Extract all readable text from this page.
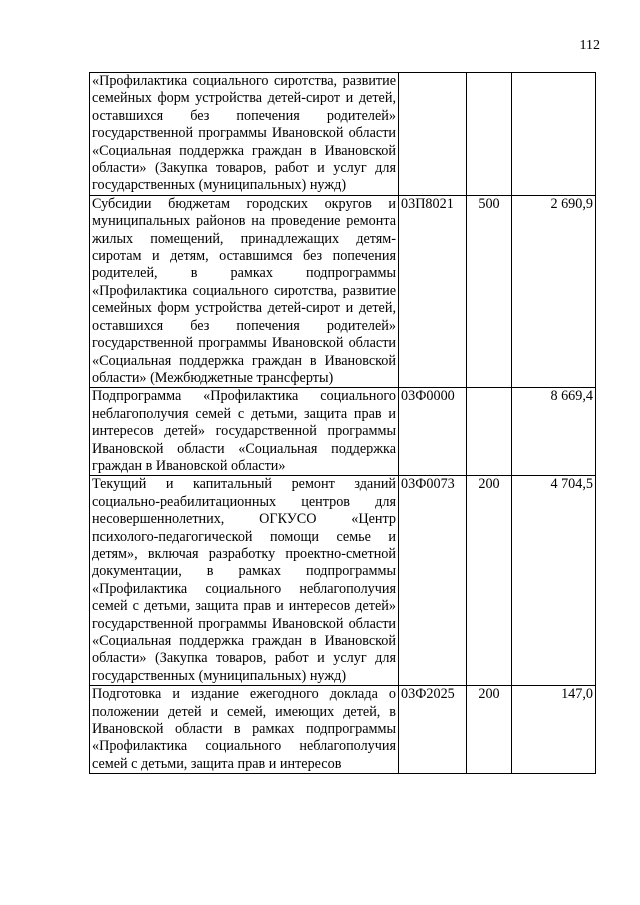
112
«Профилактика социального сиротства, развитие семейных форм устройства детей-сирот и детей, оставшихся без попечения родителей» государственной программы Ивановской области «Социальная поддержка граждан в Ивановской области» (Закупка товаров, работ и услуг для государственных (муниципальных) нужд)			
Субсидии бюджетам городских округов и муниципальных районов на проведение ремонта жилых помещений, принадлежащих детям-сиротам и детям, оставшимся без попечения родителей, в рамках подпрограммы «Профилактика социального сиротства, развитие семейных форм устройства детей-сирот и детей, оставшихся без попечения родителей» государственной программы Ивановской области «Социальная поддержка граждан в Ивановской области» (Межбюджетные трансферты)	03П8021	500	2 690,9
Подпрограмма «Профилактика социального неблагополучия семей с детьми, защита прав и интересов детей» государственной программы Ивановской области «Социальная поддержка граждан в Ивановской области»	03Ф0000		8 669,4
Текущий и капитальный ремонт зданий социально-реабилитационных центров для несовершеннолетних, ОГКУСО «Центр психолого-педагогической помощи семье и детям», включая разработку проектно-сметной документации, в рамках подпрограммы «Профилактика социального неблагополучия семей с детьми, защита прав и интересов детей» государственной программы Ивановской области «Социальная поддержка граждан в Ивановской области» (Закупка товаров, работ и услуг для государственных (муниципальных) нужд)	03Ф0073	200	4 704,5
Подготовка и издание ежегодного доклада о положении детей и семей, имеющих детей, в Ивановской области в рамках подпрограммы «Профилактика социального неблагополучия семей с детьми, защита прав и интересов	03Ф2025	200	147,0
